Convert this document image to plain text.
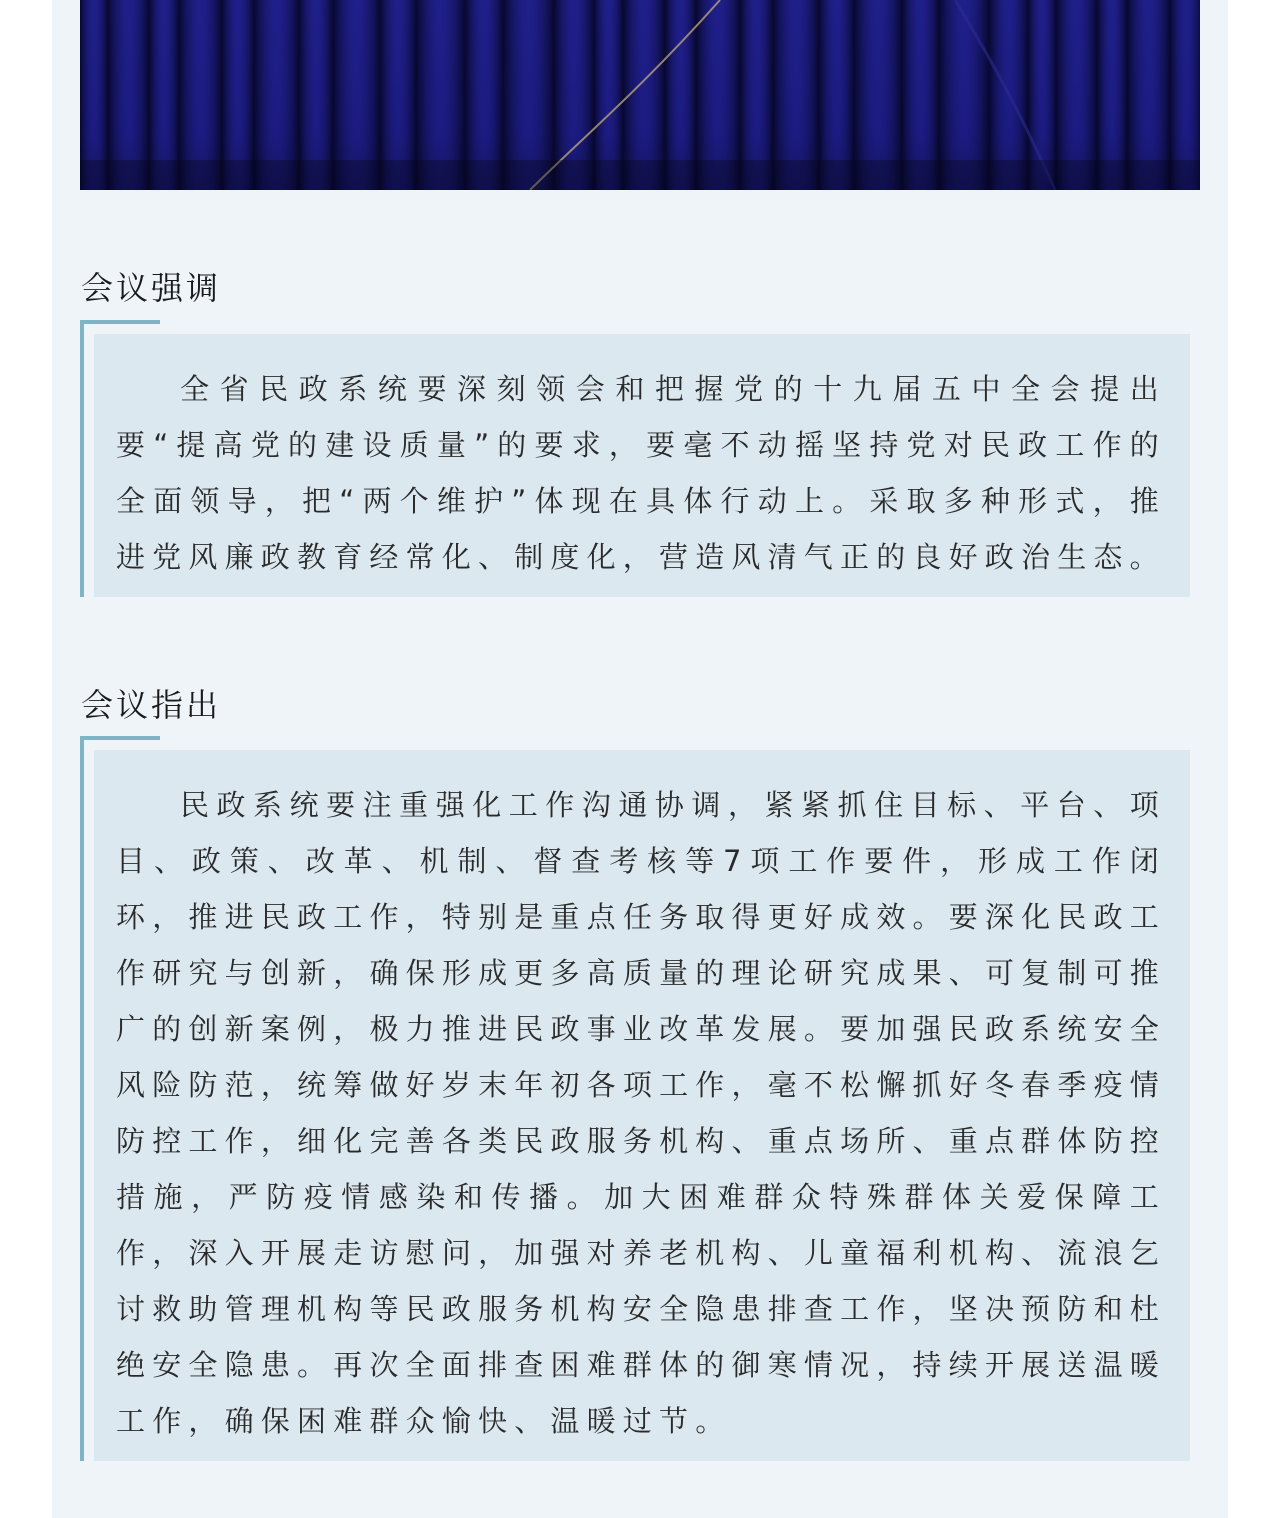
会议强调

全省民政系统要深刻领会和把握党的十九届五中全会提出要“提高党的建设质量”的要求，要毫不动摇坚持党对民政工作的全面领导，把“两个维护”体现在具体行动上。采取多种形式，推进党风廉政教育经常化、制度化，营造风清气正的良好政治生态。

会议指出

民政系统要注重强化工作沟通协调，紧紧抓住目标、平台、项目、政策、改革、机制、督查考核等7项工作要件，形成工作闭环，推进民政工作，特别是重点任务取得更好成效。要深化民政工作研究与创新，确保形成更多高质量的理论研究成果、可复制可推广的创新案例，极力推进民政事业改革发展。要加强民政系统安全风险防范，统筹做好岁末年初各项工作，毫不松懈抓好冬春季疫情防控工作，细化完善各类民政服务机构、重点场所、重点群体防控措施，严防疫情感染和传播。加大困难群众特殊群体关爱保障工作，深入开展走访慰问，加强对养老机构、儿童福利机构、流浪乞讨救助管理机构等民政服务机构安全隐患排查工作，坚决预防和杜绝安全隐患。再次全面排查困难群体的御寒情况，持续开展送温暖工作，确保困难群众愉快、温暖过节。
